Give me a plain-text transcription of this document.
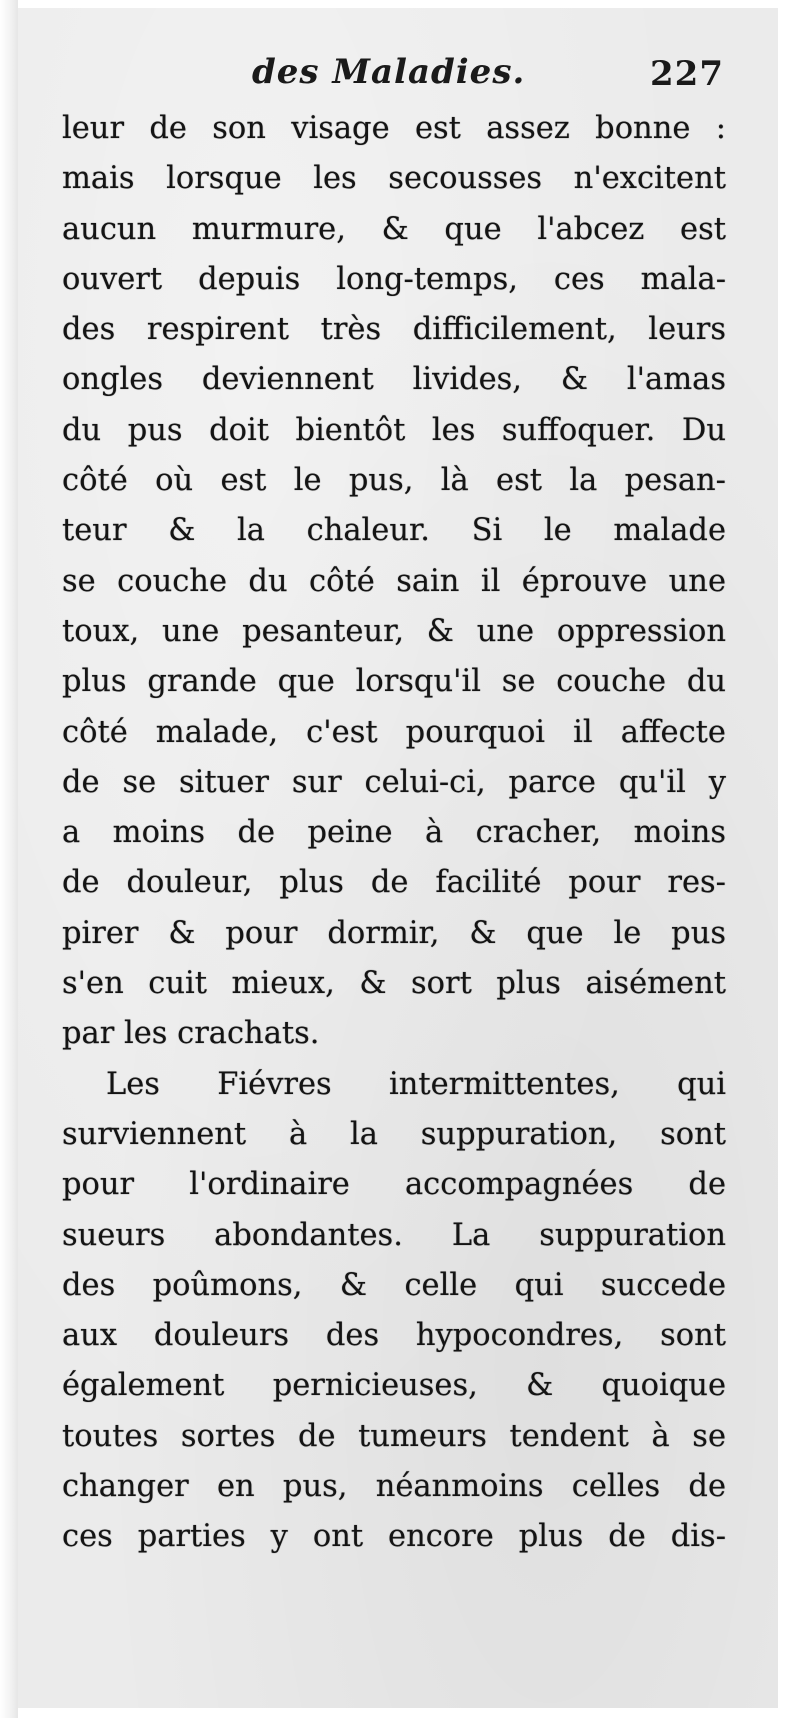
des Maladies.	227
leur de son visage est assez bonne :
mais lorsque les secousses n'excitent
aucun murmure, & que l'abcez est
ouvert depuis long-temps, ces mala-
des respirent très difficilement, leurs
ongles deviennent livides, & l'amas
du pus doit bientôt les suffoquer. Du
côté où est le pus, là est la pesan-
teur & la chaleur. Si le malade
se couche du côté sain il éprouve une
toux, une pesanteur, & une oppression
plus grande que lorsqu'il se couche du
côté malade, c'est pourquoi il affecte
de se situer sur celui-ci, parce qu'il y
a moins de peine à cracher, moins
de douleur, plus de facilité pour res-
pirer & pour dormir, & que le pus
s'en cuit mieux, & sort plus aisément
par les crachats.
Les Fiévres intermittentes, qui
surviennent à la suppuration, sont
pour l'ordinaire accompagnées de
sueurs abondantes. La suppuration
des poûmons, & celle qui succede
aux douleurs des hypocondres, sont
également pernicieuses, & quoique
toutes sortes de tumeurs tendent à se
changer en pus, néanmoins celles de
ces parties y ont encore plus de dis-
